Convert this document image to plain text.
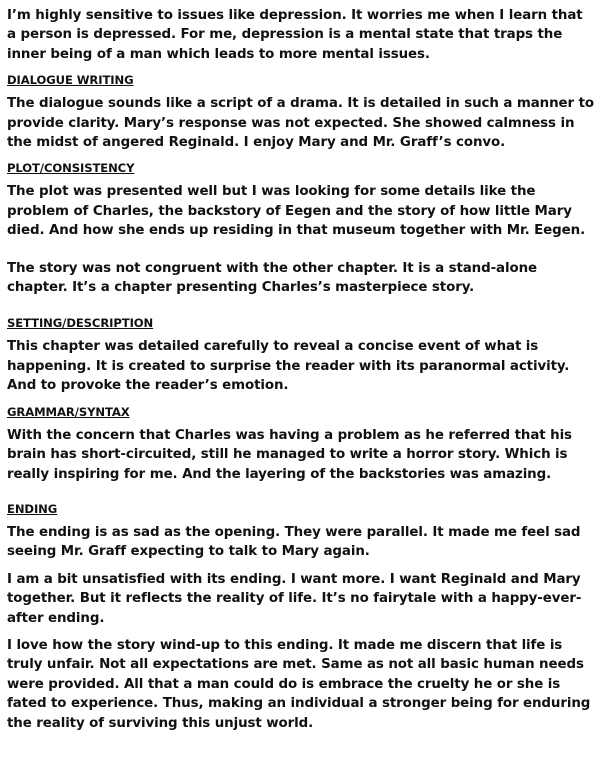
I’m highly sensitive to issues like depression. It worries me when I learn that a person is depressed. For me, depression is a mental state that traps the inner being of a man which leads to more mental issues.

DIALOGUE WRITING

The dialogue sounds like a script of a drama. It is detailed in such a manner to provide clarity. Mary’s response was not expected. She showed calmness in the midst of angered Reginald. I enjoy Mary and Mr. Graff’s convo.

PLOT/CONSISTENCY

The plot was presented well but I was looking for some details like the problem of Charles, the backstory of Eegen and the story of how little Mary died. And how she ends up residing in that museum together with Mr. Eegen.

The story was not congruent with the other chapter. It is a stand-alone chapter. It’s a chapter presenting Charles’s masterpiece story.

SETTING/DESCRIPTION

This chapter was detailed carefully to reveal a concise event of what is happening. It is created to surprise the reader with its paranormal activity. And to provoke the reader’s emotion.

GRAMMAR/SYNTAX

With the concern that Charles was having a problem as he referred that his brain has short-circuited, still he managed to write a horror story. Which is really inspiring for me. And the layering of the backstories was amazing.

ENDING

The ending is as sad as the opening. They were parallel. It made me feel sad seeing Mr. Graff expecting to talk to Mary again.

I am a bit unsatisfied with its ending. I want more. I want Reginald and Mary together. But it reflects the reality of life. It’s no fairytale with a happy-ever-after ending.

I love how the story wind-up to this ending. It made me discern that life is truly unfair. Not all expectations are met. Same as not all basic human needs were provided. All that a man could do is embrace the cruelty he or she is fated to experience. Thus, making an individual a stronger being for enduring the reality of surviving this unjust world.
